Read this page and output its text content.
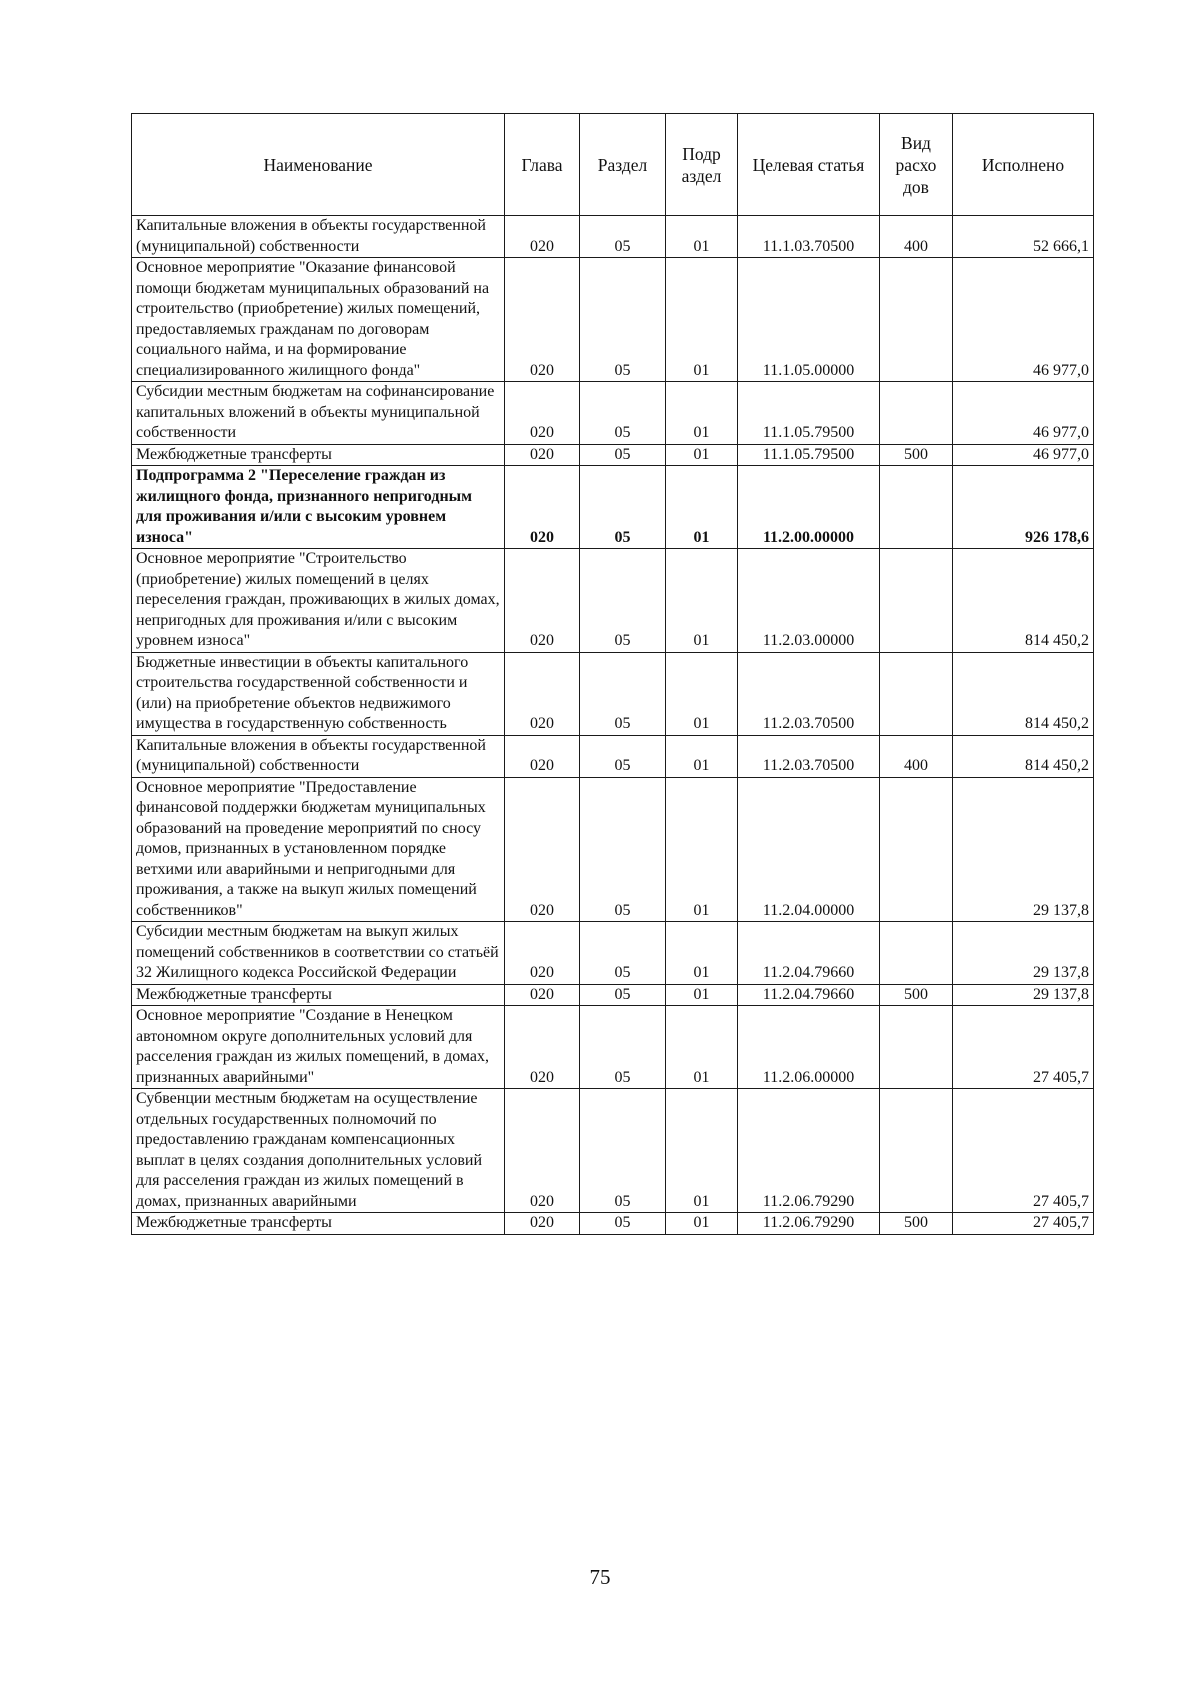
Наименование	Глава	Раздел	Подр аздел	Целевая статья	Вид расхо дов	Исполнено
Капитальные вложения в объекты государственной (муниципальной) собственности	020	05	01	11.1.03.70500	400	52 666,1
Основное мероприятие "Оказание финансовой помощи бюджетам муниципальных образований на строительство (приобретение) жилых помещений, предоставляемых гражданам по договорам социального найма, и на формирование специализированного жилищного фонда"	020	05	01	11.1.05.00000		46 977,0
Субсидии местным бюджетам на софинансирование капитальных вложений в объекты муниципальной собственности	020	05	01	11.1.05.79500		46 977,0
Межбюджетные трансферты	020	05	01	11.1.05.79500	500	46 977,0
Подпрограмма 2 "Переселение граждан из жилищного фонда, признанного непригодным для проживания и/или с высоким уровнем износа"	020	05	01	11.2.00.00000		926 178,6
Основное мероприятие "Строительство (приобретение) жилых помещений в целях переселения граждан, проживающих в жилых домах, непригодных для проживания и/или с высоким уровнем износа"	020	05	01	11.2.03.00000		814 450,2
Бюджетные инвестиции в объекты капитального строительства государственной собственности и (или) на приобретение объектов недвижимого имущества в государственную собственность	020	05	01	11.2.03.70500		814 450,2
Капитальные вложения в объекты государственной (муниципальной) собственности	020	05	01	11.2.03.70500	400	814 450,2
Основное мероприятие "Предоставление финансовой поддержки бюджетам муниципальных образований на проведение мероприятий по сносу домов, признанных в установленном порядке ветхими или аварийными и непригодными для проживания, а также на выкуп жилых помещений собственников"	020	05	01	11.2.04.00000		29 137,8
Субсидии местным бюджетам на выкуп жилых помещений собственников в соответствии со статьёй 32 Жилищного кодекса Российской Федерации	020	05	01	11.2.04.79660		29 137,8
Межбюджетные трансферты	020	05	01	11.2.04.79660	500	29 137,8
Основное мероприятие "Создание в Ненецком автономном округе дополнительных условий для расселения граждан из жилых помещений, в домах, признанных аварийными"	020	05	01	11.2.06.00000		27 405,7
Субвенции местным бюджетам на осуществление отдельных государственных полномочий по предоставлению гражданам компенсационных выплат в целях создания дополнительных условий для расселения граждан из жилых помещений в домах, признанных аварийными	020	05	01	11.2.06.79290		27 405,7
Межбюджетные трансферты	020	05	01	11.2.06.79290	500	27 405,7
75
